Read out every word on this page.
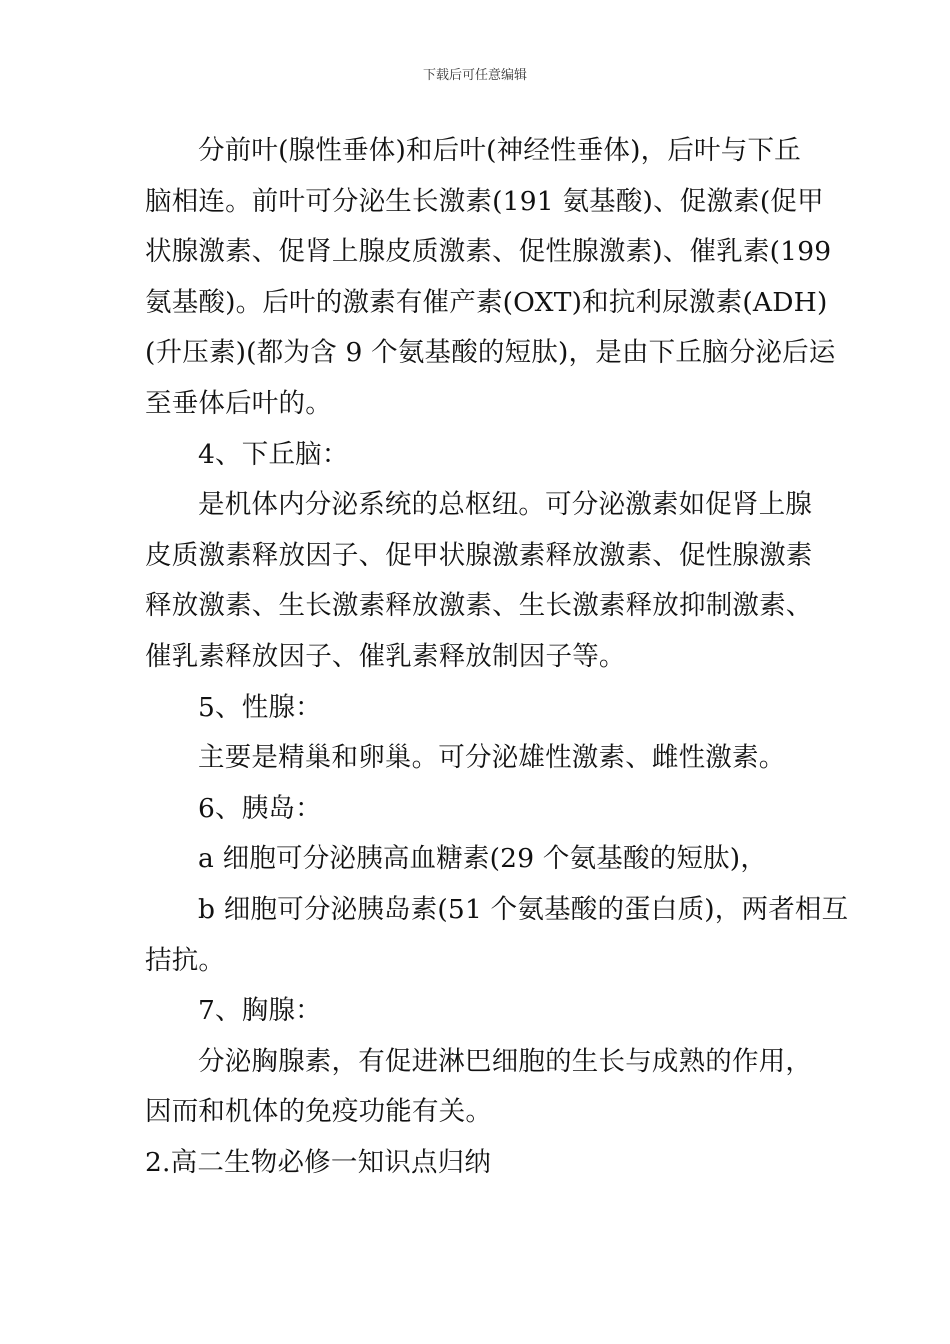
下载后可任意编辑
分前叶(腺性垂体)和后叶(神经性垂体)，后叶与下丘
脑相连。前叶可分泌生长激素(191 氨基酸)、促激素(促甲
状腺激素、促肾上腺皮质激素、促性腺激素)、催乳素(199
氨基酸)。后叶的激素有催产素(OXT)和抗利尿激素(ADH)
(升压素)(都为含 9 个氨基酸的短肽)，是由下丘脑分泌后运
至垂体后叶的。
4、下丘脑：
是机体内分泌系统的总枢纽。可分泌激素如促肾上腺
皮质激素释放因子、促甲状腺激素释放激素、促性腺激素
释放激素、生长激素释放激素、生长激素释放抑制激素、
催乳素释放因子、催乳素释放制因子等。
5、性腺：
主要是精巢和卵巢。可分泌雄性激素、雌性激素。
6、胰岛：
a 细胞可分泌胰高血糖素(29 个氨基酸的短肽)，
b 细胞可分泌胰岛素(51 个氨基酸的蛋白质)，两者相互
拮抗。
7、胸腺：
分泌胸腺素，有促进淋巴细胞的生长与成熟的作用，
因而和机体的免疫功能有关。
2.高二生物必修一知识点归纳
